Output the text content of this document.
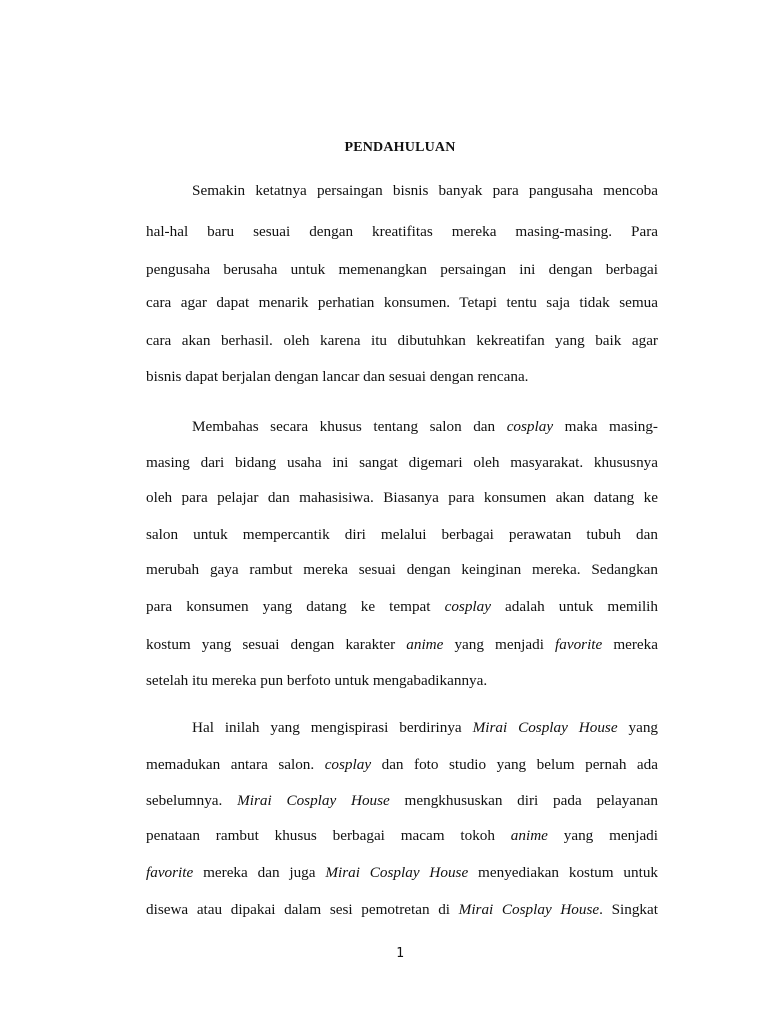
PENDAHULUAN
Semakin ketatnya persaingan bisnis banyak para pangusaha mencoba
hal-hal baru sesuai dengan kreatifitas mereka masing-masing. Para
pengusaha berusaha untuk memenangkan persaingan ini dengan berbagai
cara agar dapat menarik perhatian konsumen. Tetapi tentu saja tidak semua
cara akan berhasil. oleh karena itu dibutuhkan kekreatifan yang baik agar
bisnis dapat berjalan dengan lancar dan sesuai dengan rencana.
Membahas secara khusus tentang salon dan cosplay maka masing-
masing dari bidang usaha ini sangat digemari oleh masyarakat. khususnya
oleh para pelajar dan mahasisiwa. Biasanya para konsumen akan datang ke
salon untuk mempercantik diri melalui berbagai perawatan tubuh dan
merubah gaya rambut mereka sesuai dengan keinginan mereka. Sedangkan
para konsumen yang datang ke tempat cosplay adalah untuk memilih
kostum yang sesuai dengan karakter anime yang menjadi favorite mereka
setelah itu mereka pun berfoto untuk mengabadikannya.
Hal inilah yang mengispirasi berdirinya Mirai Cosplay House yang
memadukan antara salon. cosplay dan foto studio yang belum pernah ada
sebelumnya. Mirai Cosplay House mengkhususkan diri pada pelayanan
penataan rambut khusus berbagai macam tokoh anime yang menjadi
favorite mereka dan juga Mirai Cosplay House menyediakan kostum untuk
disewa atau dipakai dalam sesi pemotretan di Mirai Cosplay House. Singkat
1
